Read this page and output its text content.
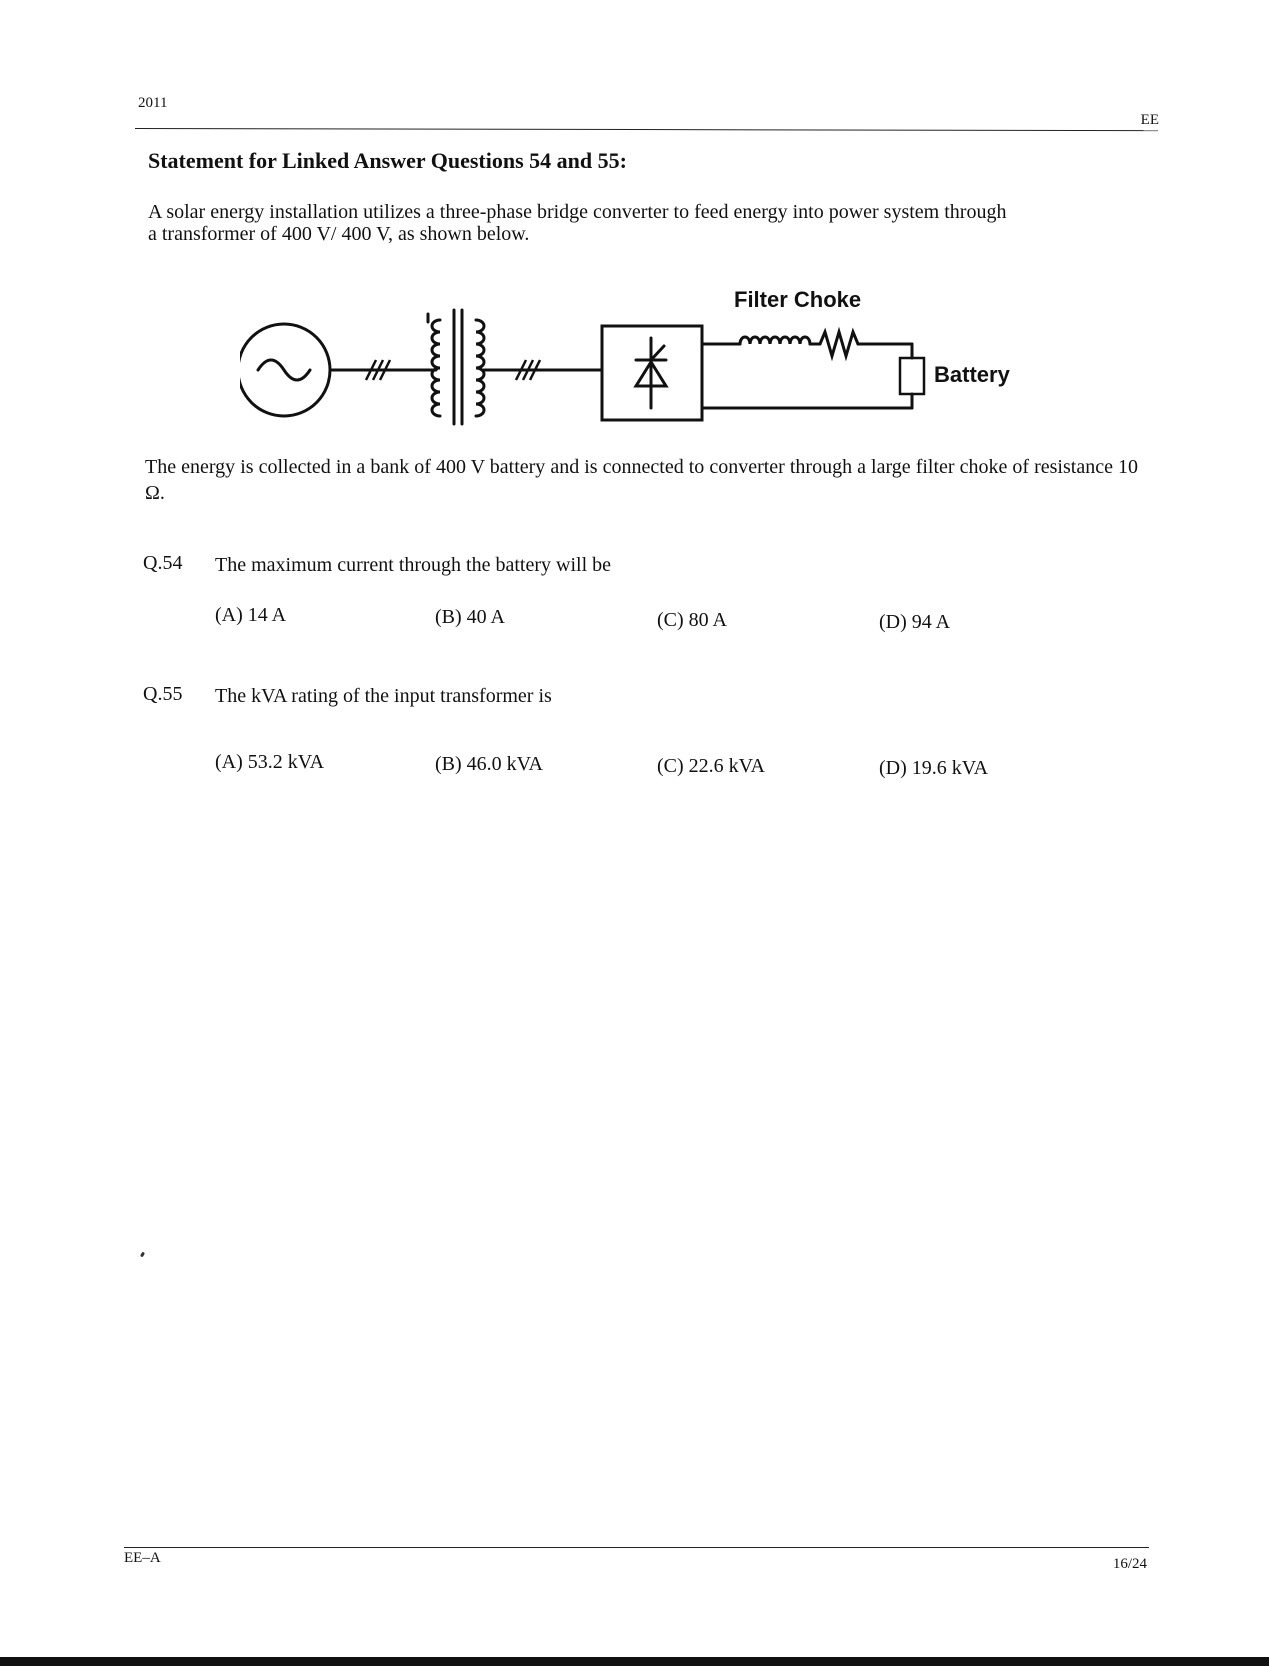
2011
EE
Statement for Linked Answer Questions 54 and 55:
A solar energy installation utilizes a three-phase bridge converter to feed energy into power system through
a transformer of 400 V/ 400 V, as shown below.
Filter Choke
Battery
The energy is collected in a bank of 400 V battery and is connected to converter through a large filter choke of resistance 10 Ω.
Q.54 The maximum current through the battery will be
(A) 14 A	(B) 40 A	(C) 80 A	(D) 94 A
Q.55 The kVA rating of the input transformer is
(A) 53.2 kVA	(B) 46.0 kVA	(C) 22.6 kVA	(D) 19.6 kVA
EE–A	16/24
